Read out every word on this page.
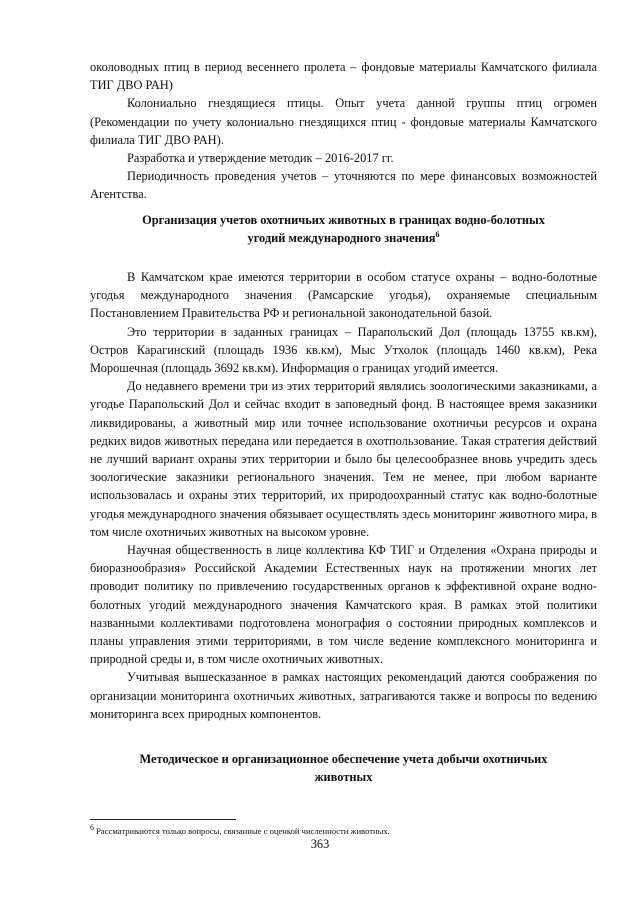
околоводных птиц в период весеннего пролета – фондовые материалы Камчатского филиала ТИГ ДВО РАН)

Колониально гнездящиеся птицы. Опыт учета данной группы птиц огромен (Рекомендации по учету колониально гнездящихся птиц - фондовые материалы Камчатского филиала ТИГ ДВО РАН).

Разработка и утверждение методик – 2016-2017 гг.

Периодичность проведения учетов – уточняются по мере финансовых возможностей Агентства.

Организация учетов охотничьих животных в границах водно-болотных

угодий международного значения$^6$

В Камчатском крае имеются территории в особом статусе охраны – водно-болотные угодья международного значения (Рамсарские угодья), охраняемые специальным Постановлением Правительства РФ и региональной законодательной базой.

Это территории в заданных границах – Парапольский Дол (площадь 13755 кв.км), Остров Карагинский (площадь 1936 кв.км), Мыс Утхолок (площадь 1460 кв.км), Река Морошечная (площадь 3692 кв.км). Информация о границах угодий имеется.

До недавнего времени три из этих территорий являлись зоологическими заказниками, а угодье Парапольский Дол и сейчас входит в заповедный фонд. В настоящее время заказники ликвидированы, а животный мир или точнее использование охотничьи ресурсов и охрана редких видов животных передана или передается в охотпользование. Такая стратегия действий не лучший вариант охраны этих территории и было бы целесообразнее вновь учредить здесь зоологические заказники регионального значения. Тем не менее, при любом варианте использовалась и охраны этих территорий, их природоохранный статус как водно-болотные угодья международного значения обязывает осуществлять здесь мониторинг животного мира, в том числе охотничьих животных на высоком уровне.

Научная общественность в лице коллектива КФ ТИГ и Отделения «Охрана природы и биоразнообразия» Российской Академии Естественных наук на протяжении многих лет проводит политику по привлечению государственных органов к эффективной охране водно-болотных угодий международного значения Камчатского края. В рамках этой политики названными коллективами подготовлена монография о состоянии природных комплексов и планы управления этими территориями, в том числе ведение комплексного мониторинга и природной среды и, в том числе охотничьих животных.

Учитывая вышесказанное в рамках настоящих рекомендаций даются соображения по организации мониторинга охотничьих животных, затрагиваются также и вопросы по ведению мониторинга всех природных компонентов.

Методическое и организационное обеспечение учета добычи охотничьих

животных

$^6$ Рассматриваются только вопросы, связанные с оценкой численности животных.
363
